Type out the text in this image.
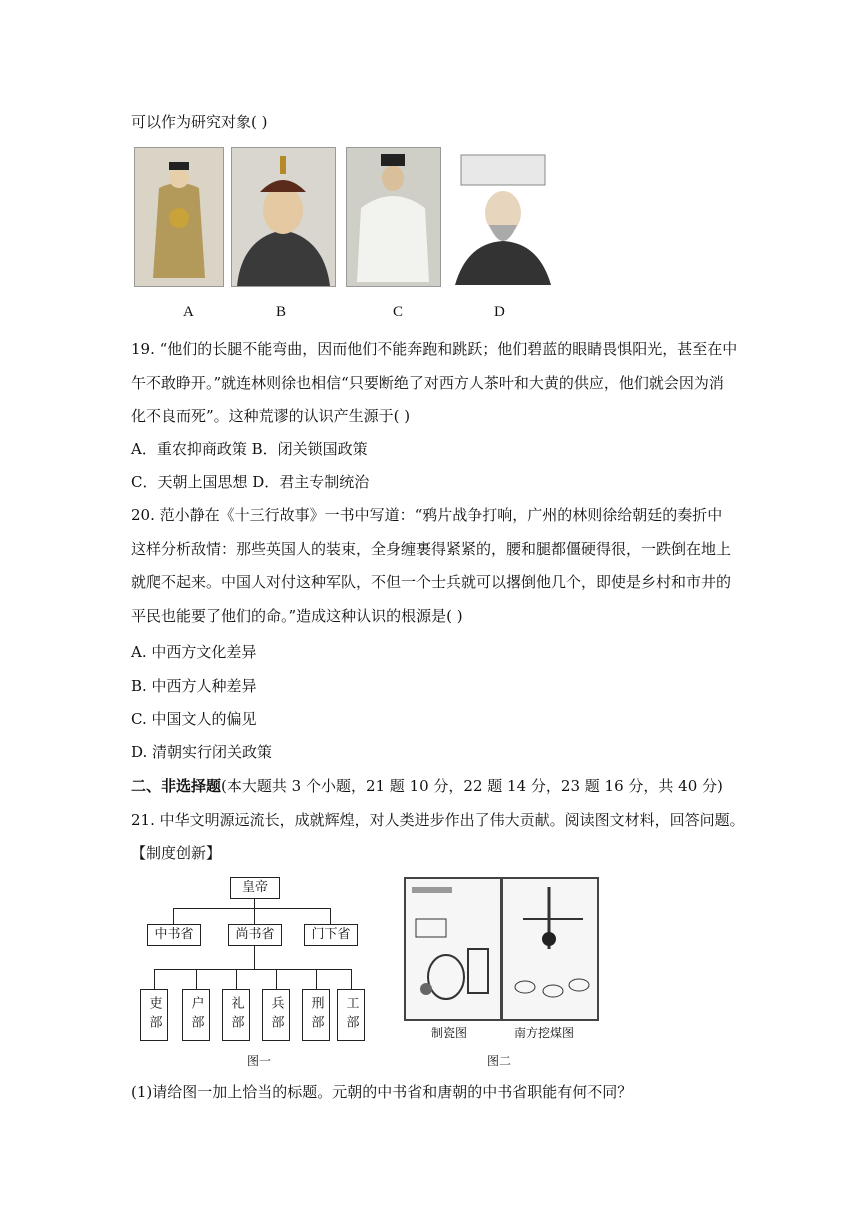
可以作为研究对象( )
A	B	C	D
19. “他们的长腿不能弯曲，因而他们不能奔跑和跳跃；他们碧蓝的眼睛畏惧阳光，甚至在中
午不敢睁开。”就连林则徐也相信“只要断绝了对西方人茶叶和大黄的供应，他们就会因为消
化不良而死”。这种荒谬的认识产生源于( )
A．重农抑商政策 B．闭关锁国政策
C．天朝上国思想 D．君主专制统治
20. 范小静在《十三行故事》一书中写道：“鸦片战争打响，广州的林则徐给朝廷的奏折中
这样分析敌情：那些英国人的装束，全身缠裹得紧紧的，腰和腿都僵硬得很，一跌倒在地上
就爬不起来。中国人对付这种军队，不但一个士兵就可以撂倒他几个，即使是乡村和市井的
平民也能要了他们的命。”造成这种认识的根源是( )
A. 中西方文化差异
B. 中西方人种差异
C. 中国文人的偏见
D. 清朝实行闭关政策
二、非选择题(本大题共 3 个小题，21 题 10 分，22 题 14 分，23 题 16 分，共 40 分)
21. 中华文明源远流长，成就辉煌，对人类进步作出了伟大贡献。阅读图文材料，回答问题。
【制度创新】
皇帝
中书省	尚书省	门下省
吏部 户部 礼部 兵部 刑部 工部
图一
制瓷图	南方挖煤图
图二
(1)请给图一加上恰当的标题。元朝的中书省和唐朝的中书省职能有何不同？
